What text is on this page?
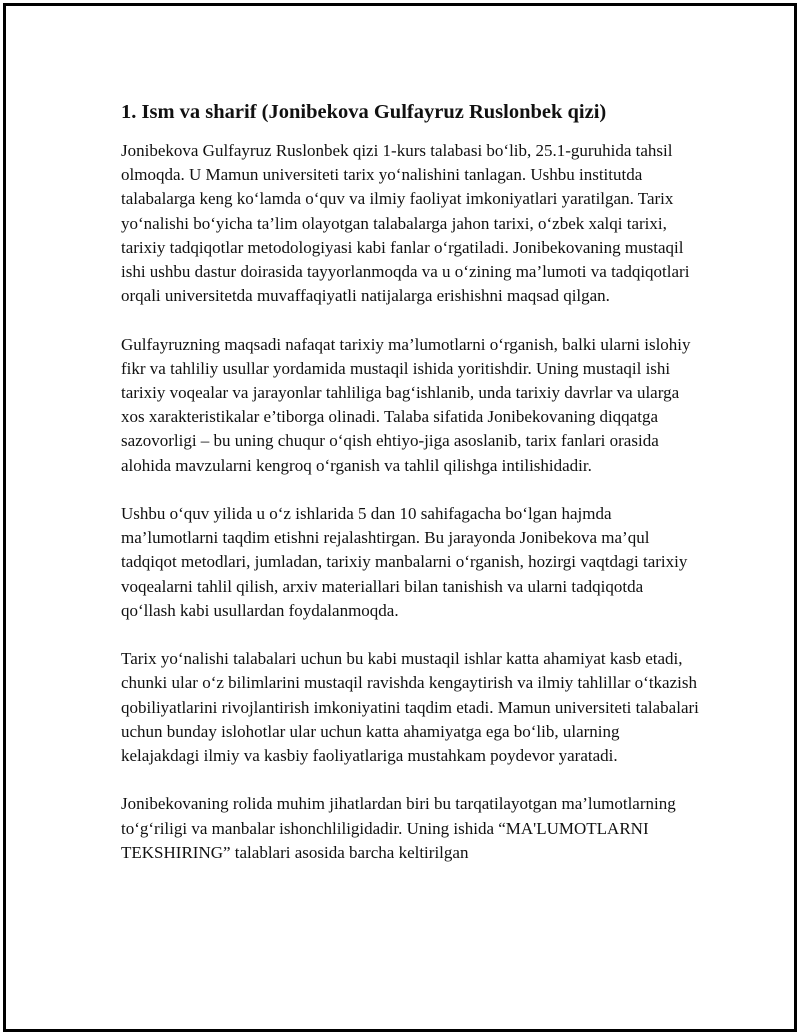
1. Ism va sharif (Jonibekova Gulfayruz Ruslonbek qizi)

Jonibekova Gulfayruz Ruslonbek qizi 1-kurs talabasi bo‘lib, 25.1-guruhida tahsil olmoqda. U Mamun universiteti tarix yo‘nalishini tanlagan. Ushbu institutda talabalarga keng ko‘lamda o‘quv va ilmiy faoliyat imkoniyatlari yaratilgan. Tarix yo‘nalishi bo‘yicha ta’lim olayotgan talabalarga jahon tarixi, o‘zbek xalqi tarixi, tarixiy tadqiqotlar metodologiyasi kabi fanlar o‘rgatiladi. Jonibekovaning mustaqil ishi ushbu dastur doirasida tayyorlanmoqda va u o‘zining ma’lumoti va tadqiqotlari orqali universitetda muvaffaqiyatli natijalarga erishishni maqsad qilgan.

Gulfayruzning maqsadi nafaqat tarixiy ma’lumotlarni o‘rganish, balki ularni islohiy fikr va tahliliy usullar yordamida mustaqil ishida yoritishdir. Uning mustaqil ishi tarixiy voqealar va jarayonlar tahliliga bag‘ishlanib, unda tarixiy davrlar va ularga xos xarakteristikalar e’tiborga olinadi. Talaba sifatida Jonibekovaning diqqatga sazovorligi – bu uning chuqur o‘qish ehtiyo-jiga asoslanib, tarix fanlari orasida alohida mavzularni kengroq o‘rganish va tahlil qilishga intilishidadir.

Ushbu o‘quv yilida u o‘z ishlarida 5 dan 10 sahifagacha bo‘lgan hajmda ma’lumotlarni taqdim etishni rejalashtirgan. Bu jarayonda Jonibekova ma’qul tadqiqot metodlari, jumladan, tarixiy manbalarni o‘rganish, hozirgi vaqtdagi tarixiy voqealarni tahlil qilish, arxiv materiallari bilan tanishish va ularni tadqiqotda qo‘llash kabi usullardan foydalanmoqda.

Tarix yo‘nalishi talabalari uchun bu kabi mustaqil ishlar katta ahamiyat kasb etadi, chunki ular o‘z bilimlarini mustaqil ravishda kengaytirish va ilmiy tahlillar o‘tkazish qobiliyatlarini rivojlantirish imkoniyatini taqdim etadi. Mamun universiteti talabalari uchun bunday islohotlar ular uchun katta ahamiyatga ega bo‘lib, ularning kelajakdagi ilmiy va kasbiy faoliyatlariga mustahkam poydevor yaratadi.

Jonibekovaning rolida muhim jihatlardan biri bu tarqatilayotgan ma’lumotlarning to‘g‘riligi va manbalar ishonchliligidadir. Uning ishida “MA'LUMOTLARNI TEKSHIRING” talablari asosida barcha keltirilgan
